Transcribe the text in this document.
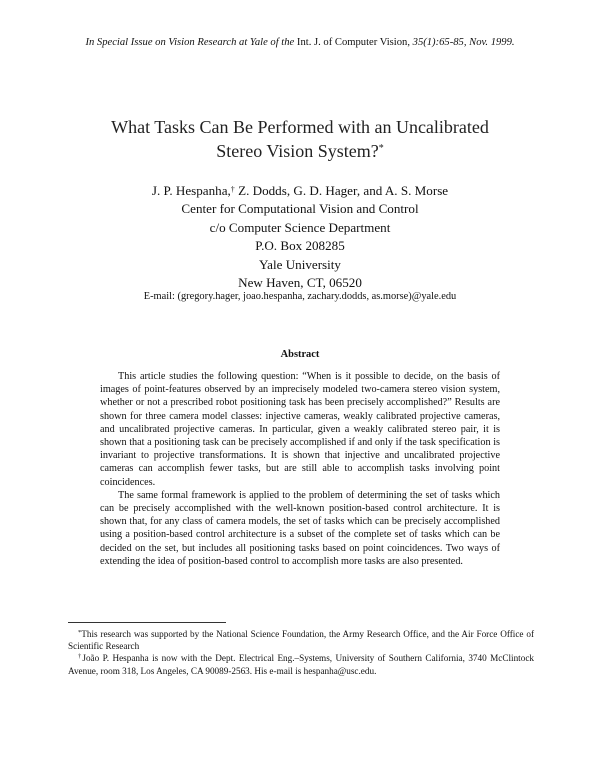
In Special Issue on Vision Research at Yale of the Int. J. of Computer Vision, 35(1):65-85, Nov. 1999.
What Tasks Can Be Performed with an Uncalibrated
Stereo Vision System?*
J. P. Hespanha,† Z. Dodds, G. D. Hager, and A. S. Morse
Center for Computational Vision and Control
c/o Computer Science Department
P.O. Box 208285
Yale University
New Haven, CT, 06520
E-mail: (gregory.hager, joao.hespanha, zachary.dodds, as.morse)@yale.edu
Abstract

This article studies the following question: “When is it possible to decide, on the basis of images of point-features observed by an imprecisely modeled two-camera stereo vision system, whether or not a prescribed robot positioning task has been precisely accomplished?” Results are shown for three camera model classes: injective cameras, weakly calibrated projective cameras, and uncalibrated projective cameras. In particular, given a weakly calibrated stereo pair, it is shown that a positioning task can be precisely accomplished if and only if the task specification is invariant to projective transformations. It is shown that injective and uncalibrated projective cameras can accomplish fewer tasks, but are still able to accomplish tasks involving point coincidences.

The same formal framework is applied to the problem of determining the set of tasks which can be precisely accomplished with the well-known position-based control architecture. It is shown that, for any class of camera models, the set of tasks which can be precisely accomplished using a position-based control architecture is a subset of the complete set of tasks which can be decided on the set, but includes all positioning tasks based on point coincidences. Two ways of extending the idea of position-based control to accomplish more tasks are also presented.

*This research was supported by the National Science Foundation, the Army Research Office, and the Air Force Office of Scientific Research

†João P. Hespanha is now with the Dept. Electrical Eng.–Systems, University of Southern California, 3740 McClintock Avenue, room 318, Los Angeles, CA 90089-2563. His e-mail is hespanha@usc.edu.
